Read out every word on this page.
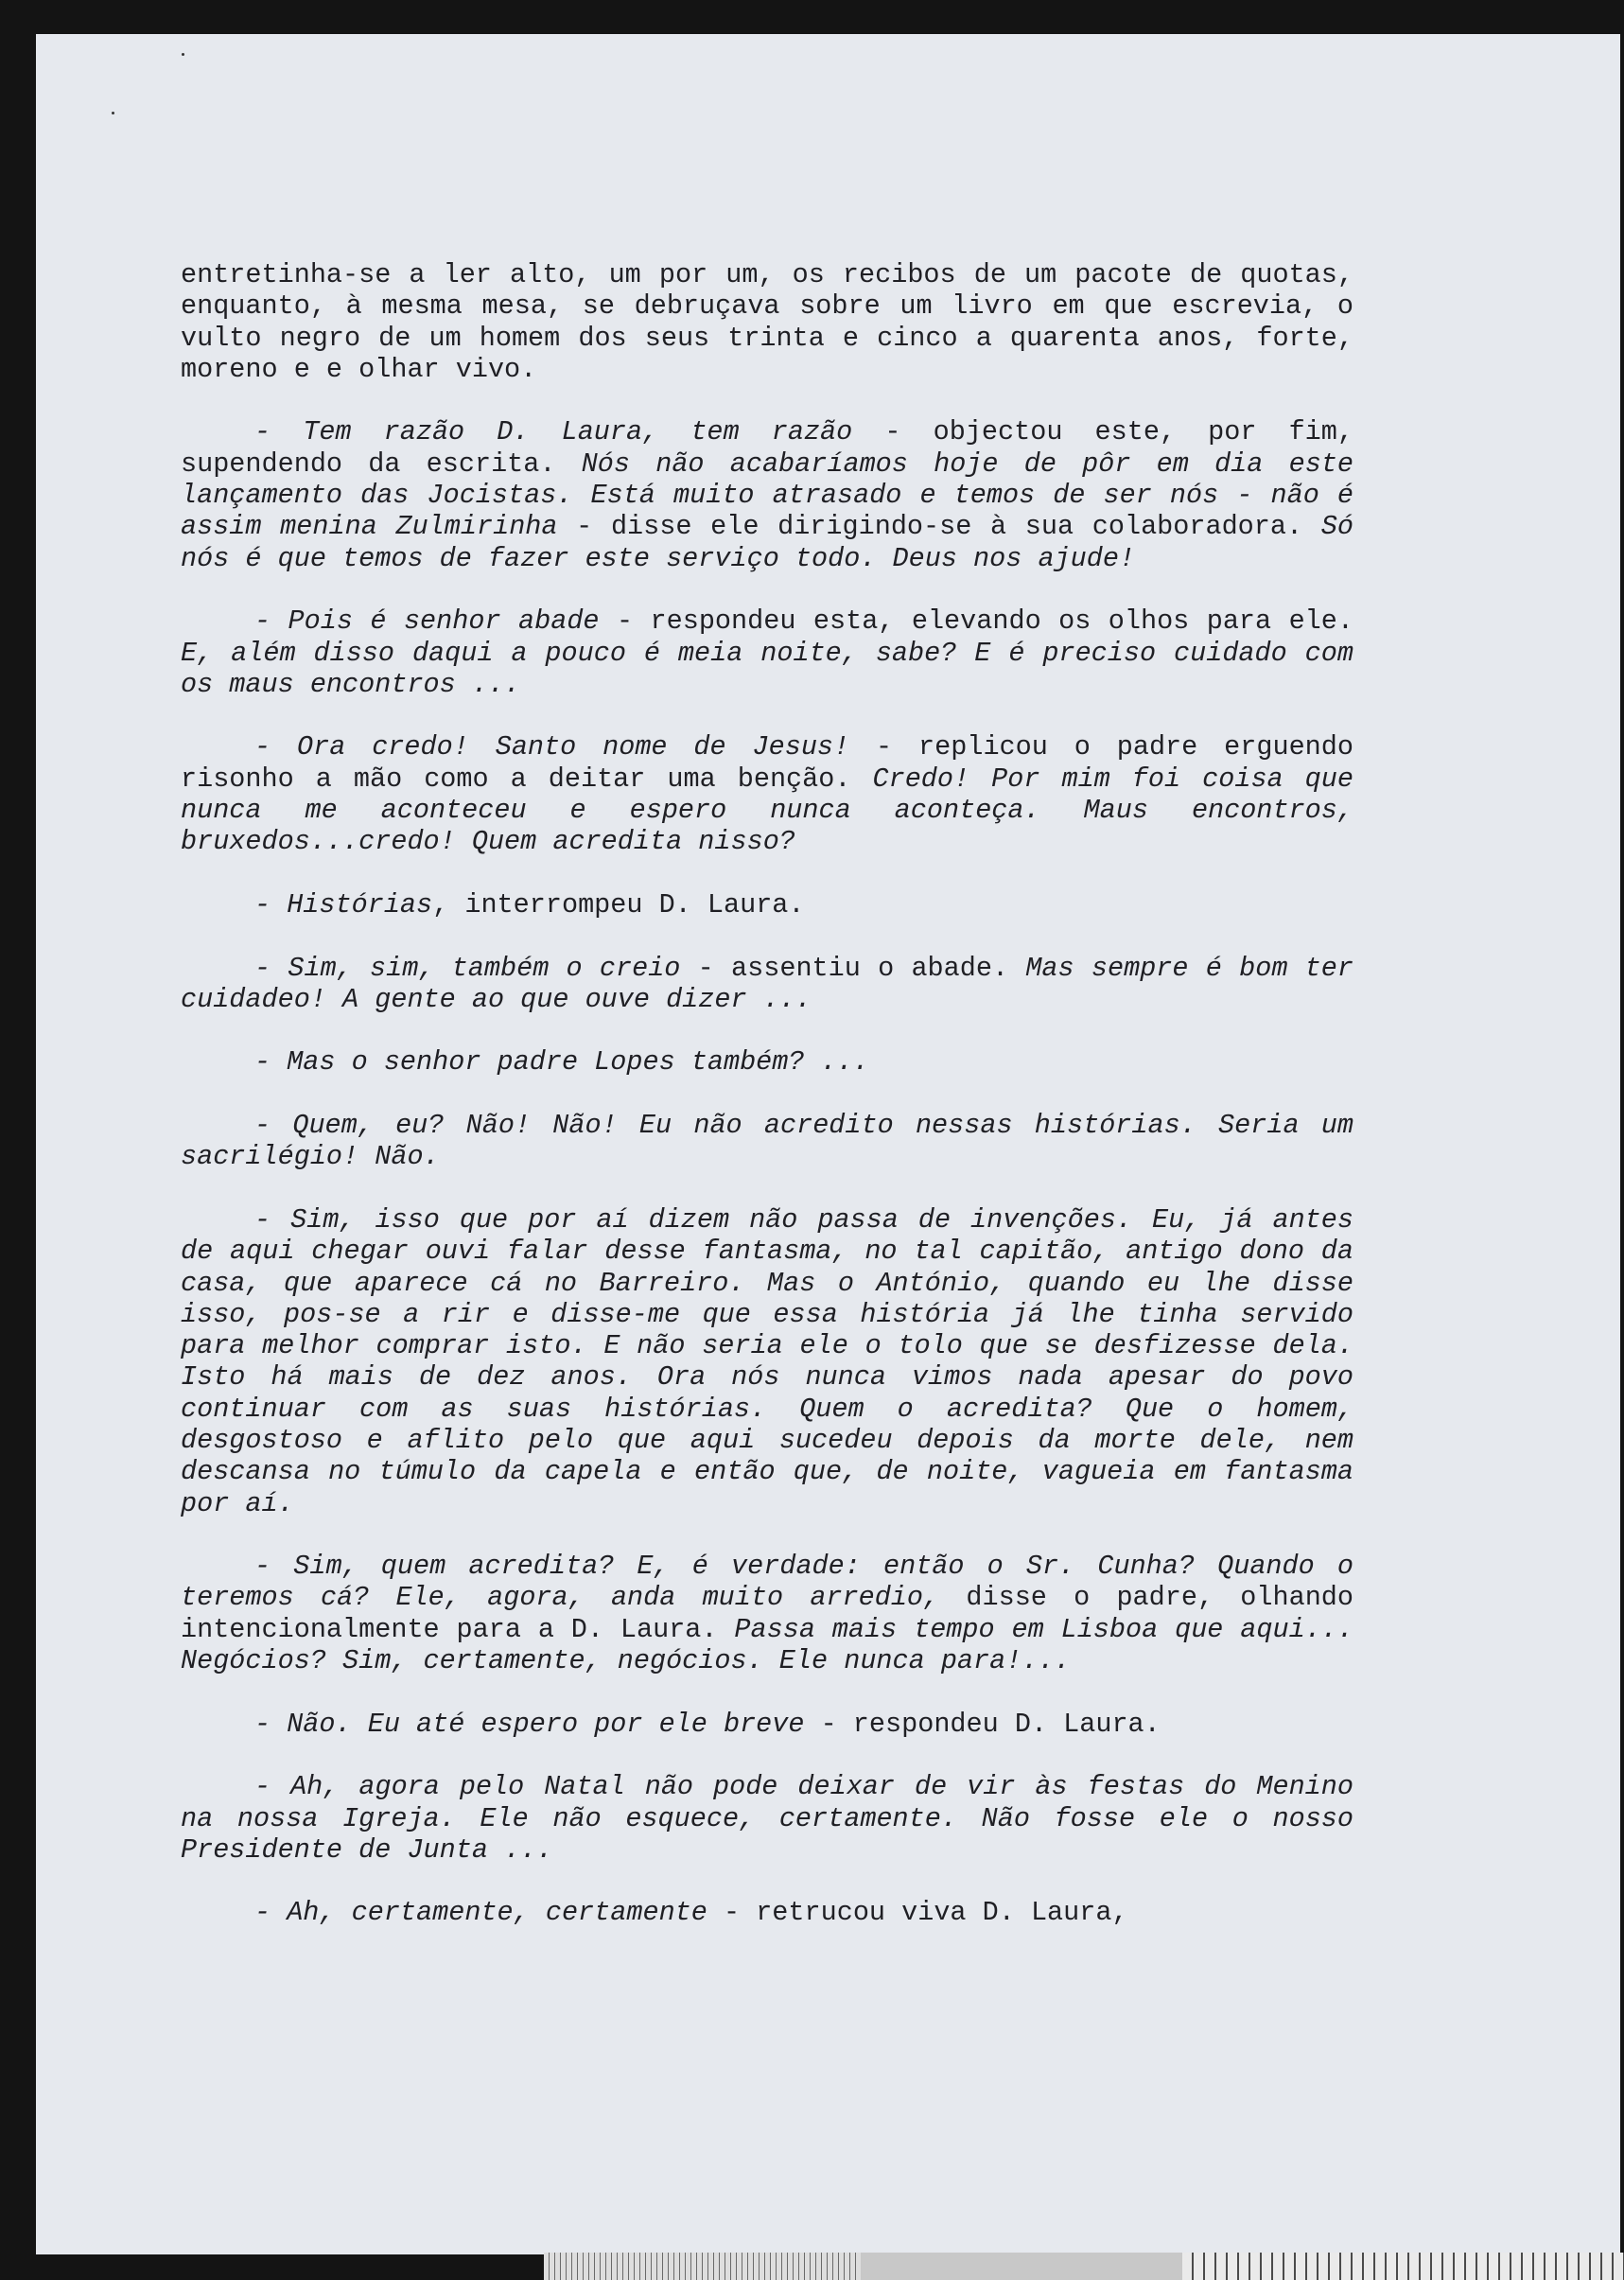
entretinha-se a ler alto, um por um, os recibos de um pacote de quotas, enquanto, à mesma mesa, se debruçava sobre um livro em que escrevia, o vulto negro de um homem dos seus trinta e cinco a quarenta anos, forte, moreno e e olhar vivo.

- Tem razão D. Laura, tem razão - objectou este, por fim, supendendo da escrita. Nós não acabaríamos hoje de pôr em dia este lançamento das Jocistas. Está muito atrasado e temos de ser nós - não é assim menina Zulmirinha - disse ele dirigindo-se à sua colaboradora. Só nós é que temos de fazer este serviço todo. Deus nos ajude!

- Pois é senhor abade - respondeu esta, elevando os olhos para ele. E, além disso daqui a pouco é meia noite, sabe? E é preciso cuidado com os maus encontros ...

- Ora credo! Santo nome de Jesus! - replicou o padre erguendo risonho a mão como a deitar uma benção. Credo! Por mim foi coisa que nunca me aconteceu e espero nunca aconteça. Maus encontros, bruxedos...credo! Quem acredita nisso?

- Histórias, interrompeu D. Laura.

- Sim, sim, também o creio - assentiu o abade. Mas sempre é bom ter cuidadeo! A gente ao que ouve dizer ...

- Mas o senhor padre Lopes também? ...

- Quem, eu? Não! Não! Eu não acredito nessas histórias. Seria um sacrilégio! Não.

- Sim, isso que por aí dizem não passa de invenções. Eu, já antes de aqui chegar ouvi falar desse fantasma, no tal capitão, antigo dono da casa, que aparece cá no Barreiro. Mas o António, quando eu lhe disse isso, pos-se a rir e disse-me que essa história já lhe tinha servido para melhor comprar isto. E não seria ele o tolo que se desfizesse dela. Isto há mais de dez anos. Ora nós nunca vimos nada apesar do povo continuar com as suas histórias. Quem o acredita? Que o homem, desgostoso e aflito pelo que aqui sucedeu depois da morte dele, nem descansa no túmulo da capela e então que, de noite, vagueia em fantasma por aí.

- Sim, quem acredita? E, é verdade: então o Sr. Cunha? Quando o teremos cá? Ele, agora, anda muito arredio, disse o padre, olhando intencionalmente para a D. Laura. Passa mais tempo em Lisboa que aqui... Negócios? Sim, certamente, negócios. Ele nunca para!...

- Não. Eu até espero por ele breve - respondeu D. Laura.

- Ah, agora pelo Natal não pode deixar de vir às festas do Menino na nossa Igreja. Ele não esquece, certamente. Não fosse ele o nosso Presidente de Junta ...

- Ah, certamente, certamente - retrucou viva D. Laura,
